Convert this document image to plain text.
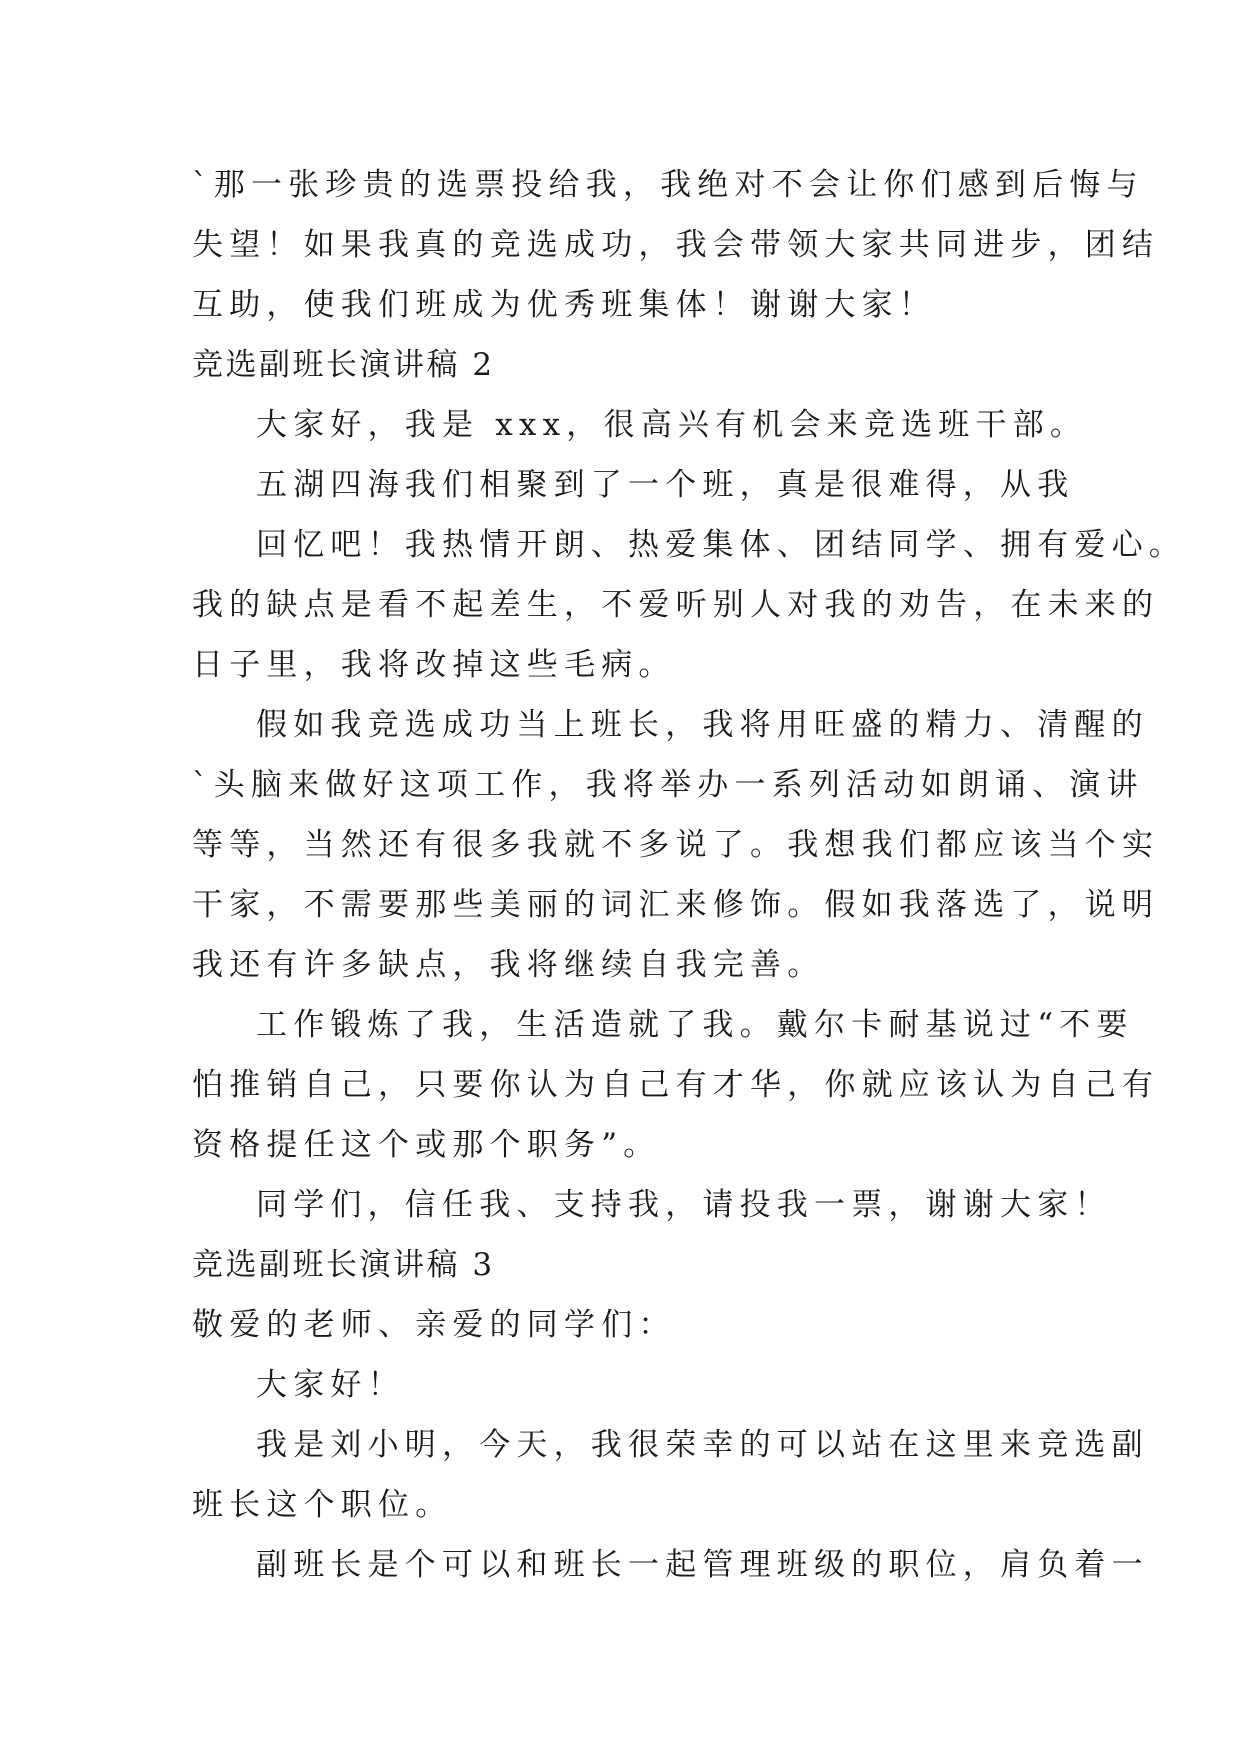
`那一张珍贵的选票投给我，我绝对不会让你们感到后悔与
失望！如果我真的竞选成功，我会带领大家共同进步，团结
互助，使我们班成为优秀班集体！谢谢大家！
竞选副班长演讲稿 2
大家好，我是 xxx，很高兴有机会来竞选班干部。
五湖四海我们相聚到了一个班，真是很难得，从我
回忆吧！我热情开朗、热爱集体、团结同学、拥有爱心。
我的缺点是看不起差生，不爱听别人对我的劝告，在未来的
日子里，我将改掉这些毛病。
假如我竞选成功当上班长，我将用旺盛的精力、清醒的
`头脑来做好这项工作，我将举办一系列活动如朗诵、演讲
等等，当然还有很多我就不多说了。我想我们都应该当个实
干家，不需要那些美丽的词汇来修饰。假如我落选了，说明
我还有许多缺点，我将继续自我完善。
工作锻炼了我，生活造就了我。戴尔卡耐基说过“不要
怕推销自己，只要你认为自己有才华，你就应该认为自己有
资格提任这个或那个职务”。
同学们，信任我、支持我，请投我一票，谢谢大家！
竞选副班长演讲稿 3
敬爱的老师、亲爱的同学们：
大家好！
我是刘小明，今天，我很荣幸的可以站在这里来竞选副
班长这个职位。
副班长是个可以和班长一起管理班级的职位，肩负着一
